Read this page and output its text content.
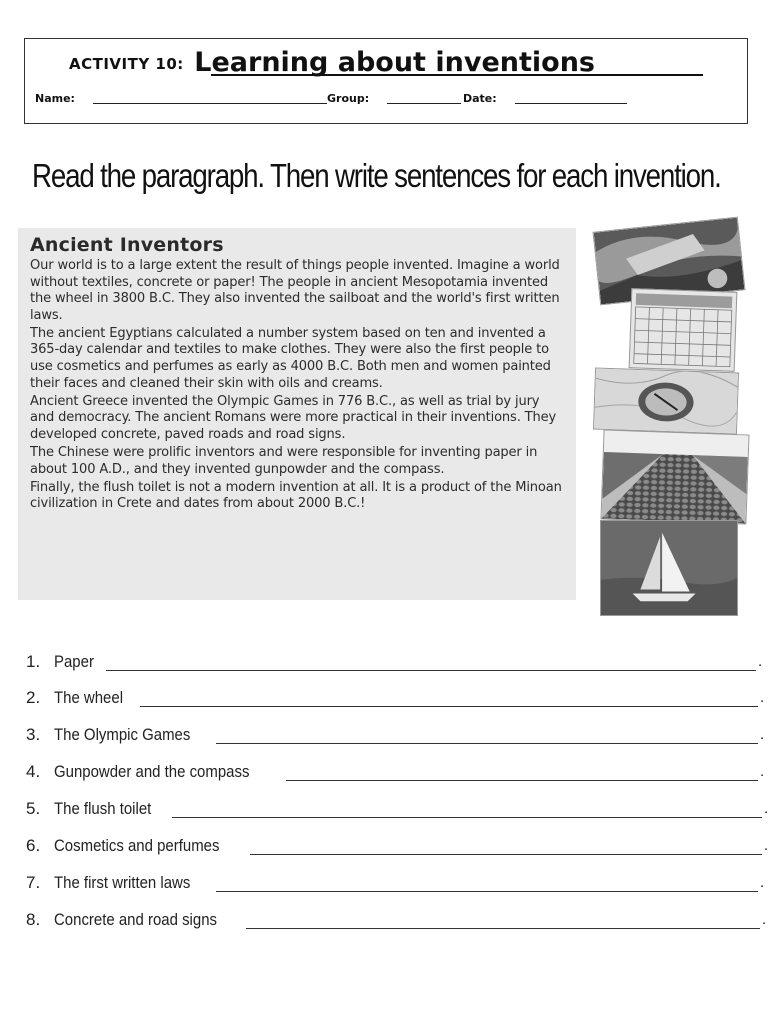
ACTIVITY 10: Learning about inventions
Name:	Group:	Date:
Read the paragraph. Then write sentences for each invention.
Ancient Inventors

Our world is to a large extent the result of things people invented. Imagine a world without textiles, concrete or paper! The people in ancient Mesopotamia invented the wheel in 3800 B.C. They also invented the sailboat and the world's first written laws.

The ancient Egyptians calculated a number system based on ten and invented a 365-day calendar and textiles to make clothes. They were also the first people to use cosmetics and perfumes as early as 4000 B.C. Both men and women painted their faces and cleaned their skin with oils and creams.

Ancient Greece invented the Olympic Games in 776 B.C., as well as trial by jury and democracy. The ancient Romans were more practical in their inventions. They developed concrete, paved roads and road signs.

The Chinese were prolific inventors and were responsible for inventing paper in about 100 A.D., and they invented gunpowder and the compass.

Finally, the flush toilet is not a modern invention at all. It is a product of the Minoan civilization in Crete and dates from about 2000 B.C.!

1. Paper	.
2. The wheel	.
3. The Olympic Games	.
4. Gunpowder and the compass	.
5. The flush toilet	.
6. Cosmetics and perfumes	.
7. The first written laws	.
8. Concrete and road signs	.
